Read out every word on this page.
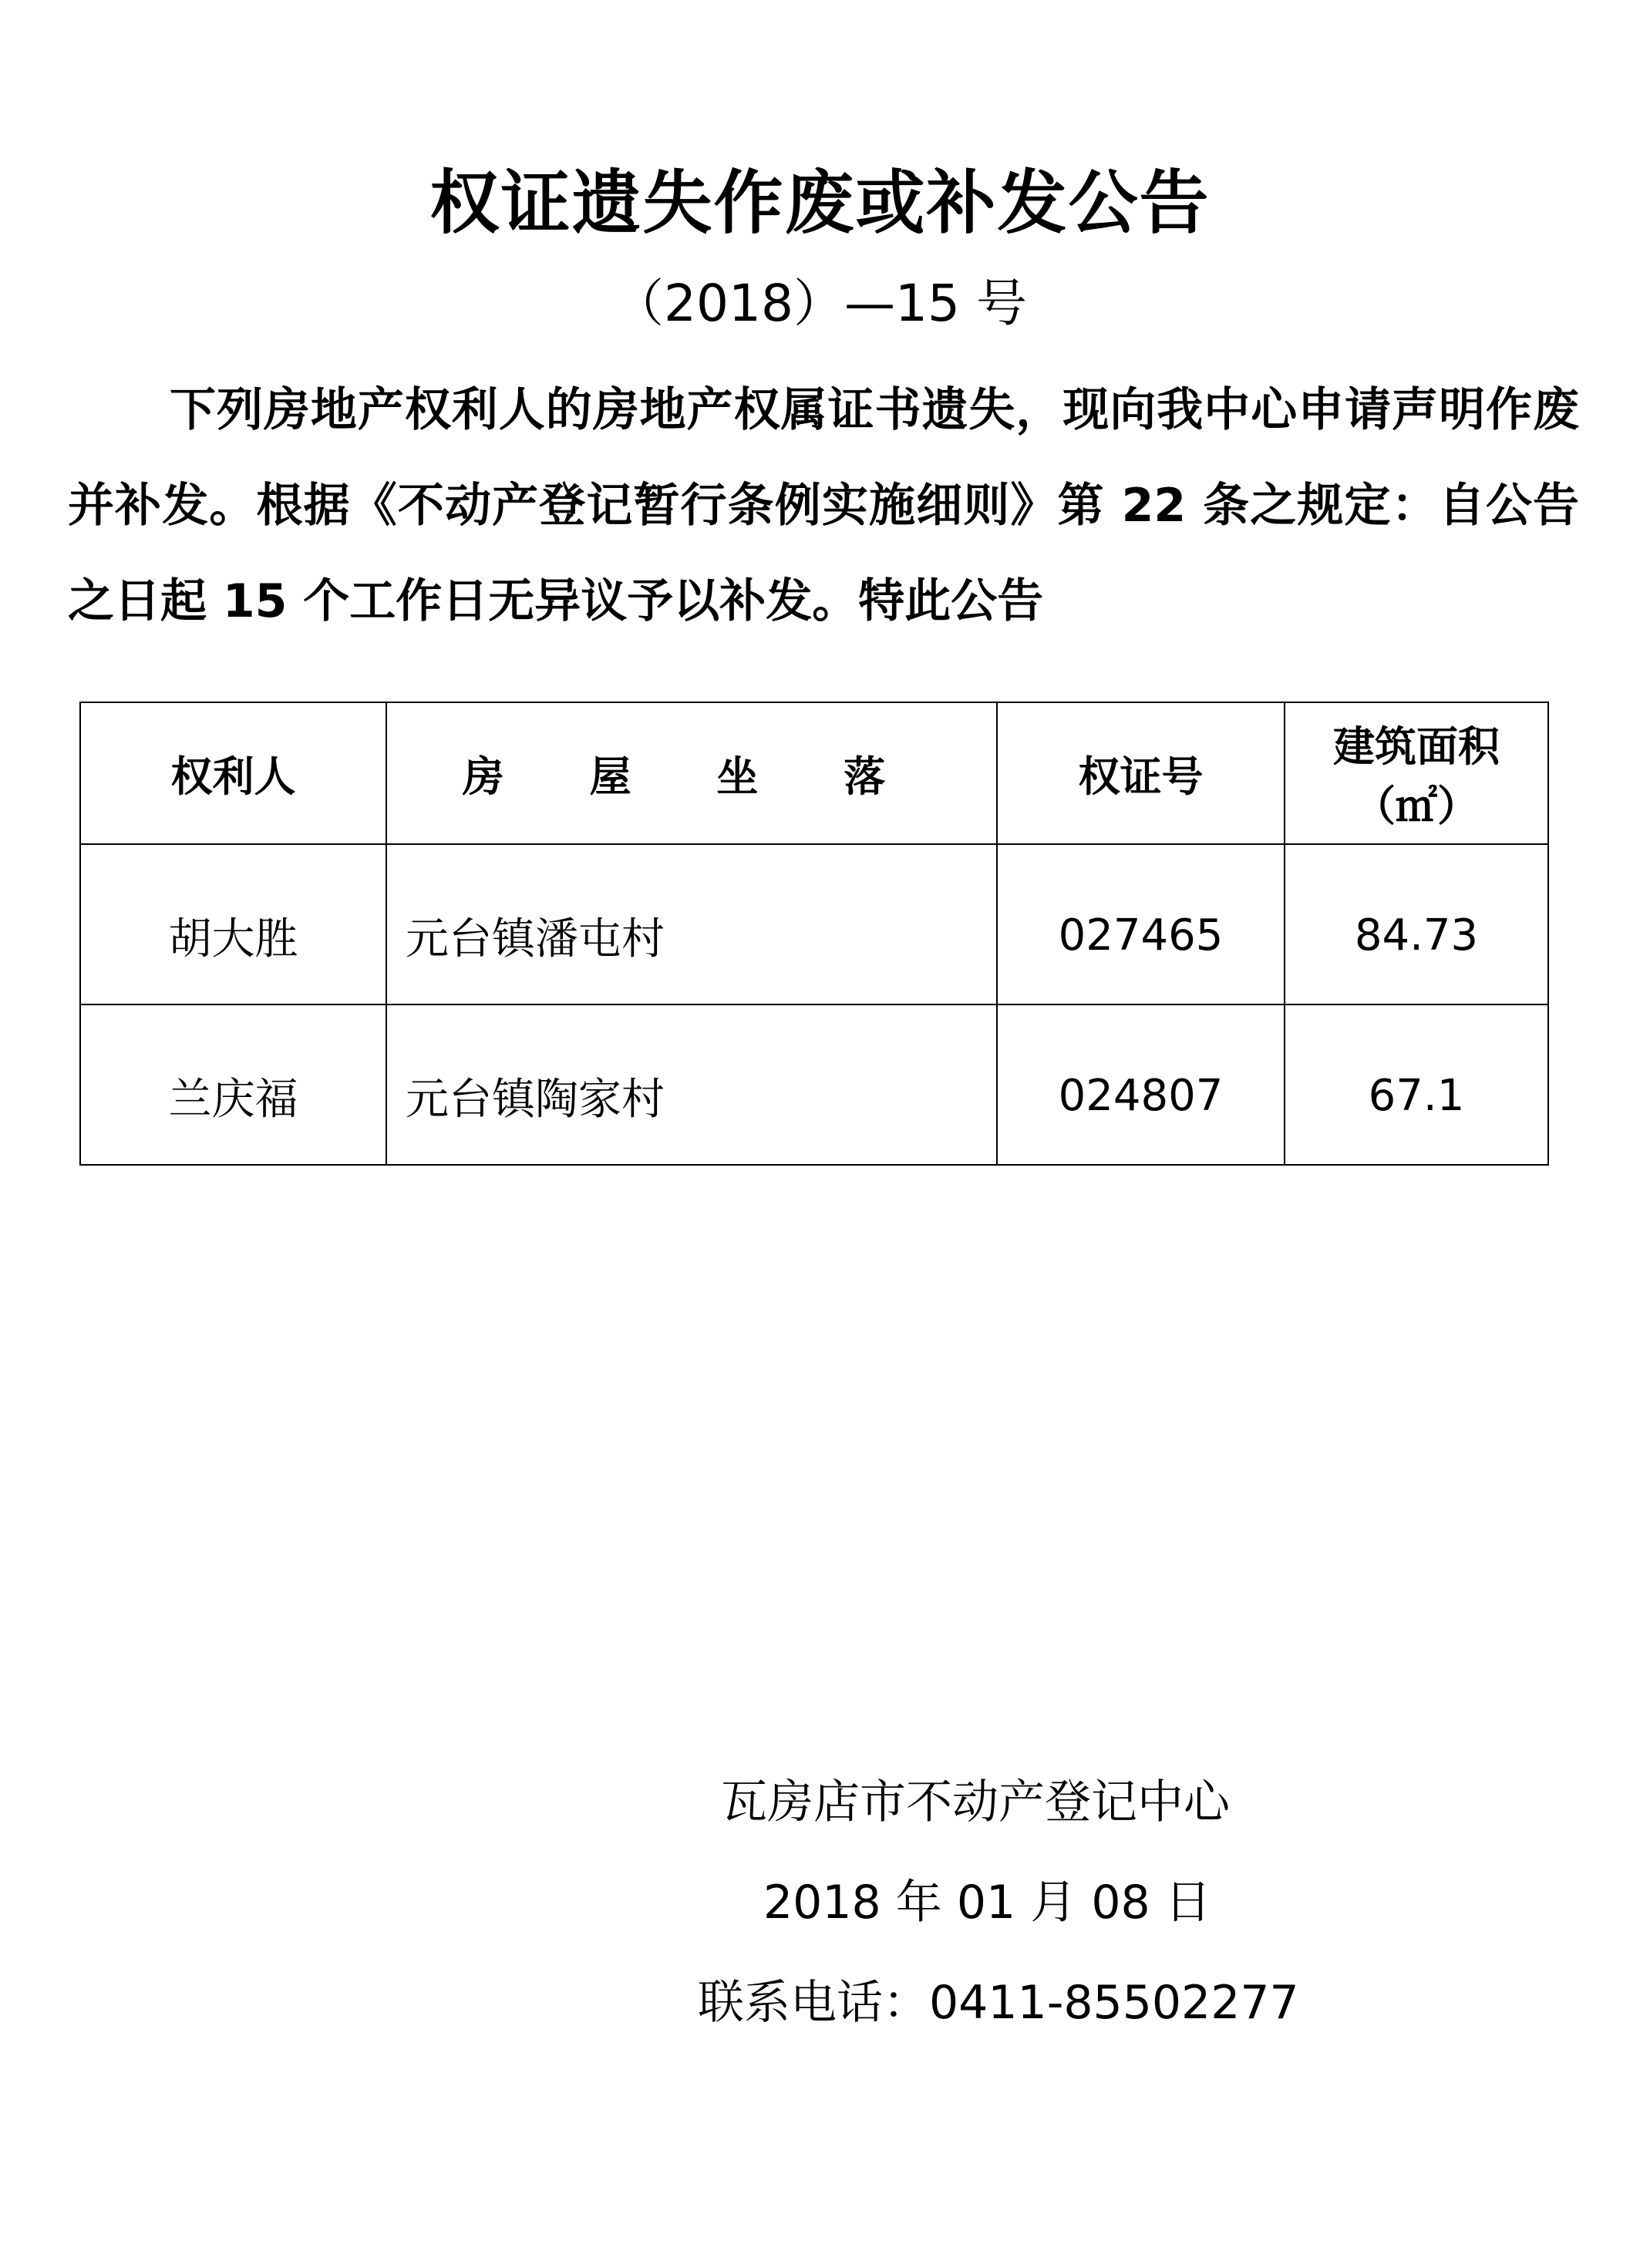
权证遗失作废或补发公告
（2018）—15 号
下列房地产权利人的房地产权属证书遗失，现向我中心申请声明作废并补发。根据《不动产登记暂行条例实施细则》第 22 条之规定：自公告之日起 15 个工作日无异议予以补发。特此公告
权利人	房 屋 坐 落	权证号	建筑面积（㎡）
胡大胜	元台镇潘屯村	027465	84.73
兰庆福	元台镇陶家村	024807	67.1
瓦房店市不动产登记中心
2018 年 01 月 08 日
联系电话：0411-85502277
